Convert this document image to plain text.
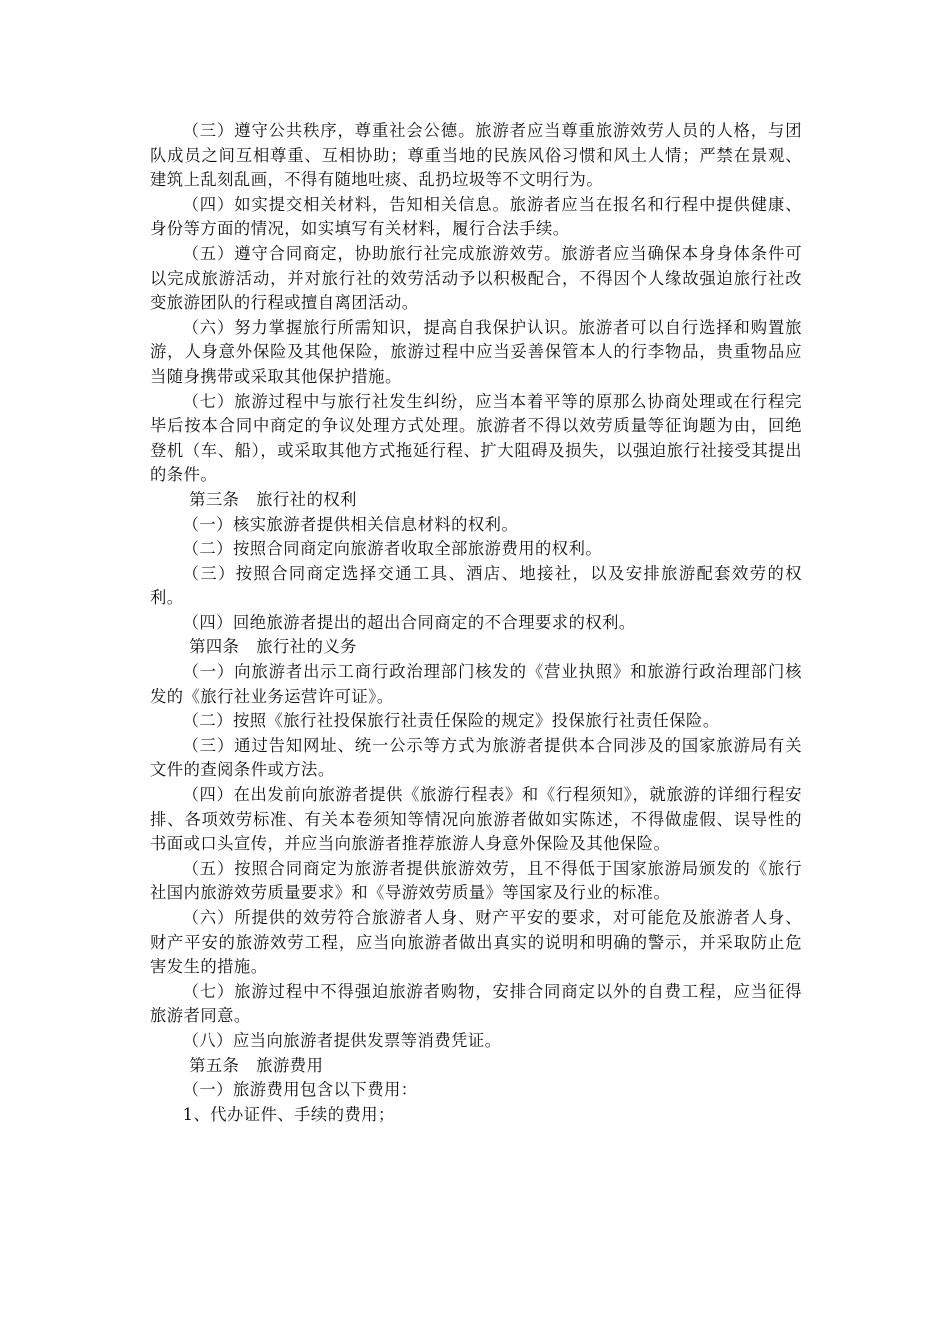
（三）遵守公共秩序，尊重社会公德。旅游者应当尊重旅游效劳人员的人格，与团队成员之间互相尊重、互相协助；尊重当地的民族风俗习惯和风土人情；严禁在景观、建筑上乱刻乱画，不得有随地吐痰、乱扔垃圾等不文明行为。

（四）如实提交相关材料，告知相关信息。旅游者应当在报名和行程中提供健康、身份等方面的情况，如实填写有关材料，履行合法手续。

（五）遵守合同商定，协助旅行社完成旅游效劳。旅游者应当确保本身身体条件可以完成旅游活动，并对旅行社的效劳活动予以积极配合，不得因个人缘故强迫旅行社改变旅游团队的行程或擅自离团活动。

（六）努力掌握旅行所需知识，提高自我保护认识。旅游者可以自行选择和购置旅游，人身意外保险及其他保险，旅游过程中应当妥善保管本人的行李物品，贵重物品应当随身携带或采取其他保护措施。

（七）旅游过程中与旅行社发生纠纷，应当本着平等的原那么协商处理或在行程完毕后按本合同中商定的争议处理方式处理。旅游者不得以效劳质量等征询题为由，回绝登机（车、船），或采取其他方式拖延行程、扩大阻碍及损失，以强迫旅行社接受其提出的条件。

第三条　旅行社的权利

（一）核实旅游者提供相关信息材料的权利。

（二）按照合同商定向旅游者收取全部旅游费用的权利。

（三）按照合同商定选择交通工具、酒店、地接社，以及安排旅游配套效劳的权利。

（四）回绝旅游者提出的超出合同商定的不合理要求的权利。

第四条　旅行社的义务

（一）向旅游者出示工商行政治理部门核发的《营业执照》和旅游行政治理部门核发的《旅行社业务运营许可证》。

（二）按照《旅行社投保旅行社责任保险的规定》投保旅行社责任保险。

（三）通过告知网址、统一公示等方式为旅游者提供本合同涉及的国家旅游局有关文件的查阅条件或方法。

（四）在出发前向旅游者提供《旅游行程表》和《行程须知》，就旅游的详细行程安排、各项效劳标准、有关本卷须知等情况向旅游者做如实陈述，不得做虚假、误导性的书面或口头宣传，并应当向旅游者推荐旅游人身意外保险及其他保险。

（五）按照合同商定为旅游者提供旅游效劳，且不得低于国家旅游局颁发的《旅行社国内旅游效劳质量要求》和《导游效劳质量》等国家及行业的标准。

（六）所提供的效劳符合旅游者人身、财产平安的要求，对可能危及旅游者人身、财产平安的旅游效劳工程，应当向旅游者做出真实的说明和明确的警示，并采取防止危害发生的措施。

（七）旅游过程中不得强迫旅游者购物，安排合同商定以外的自费工程，应当征得旅游者同意。

（八）应当向旅游者提供发票等消费凭证。

第五条　旅游费用

（一）旅游费用包含以下费用：

1、代办证件、手续的费用；
